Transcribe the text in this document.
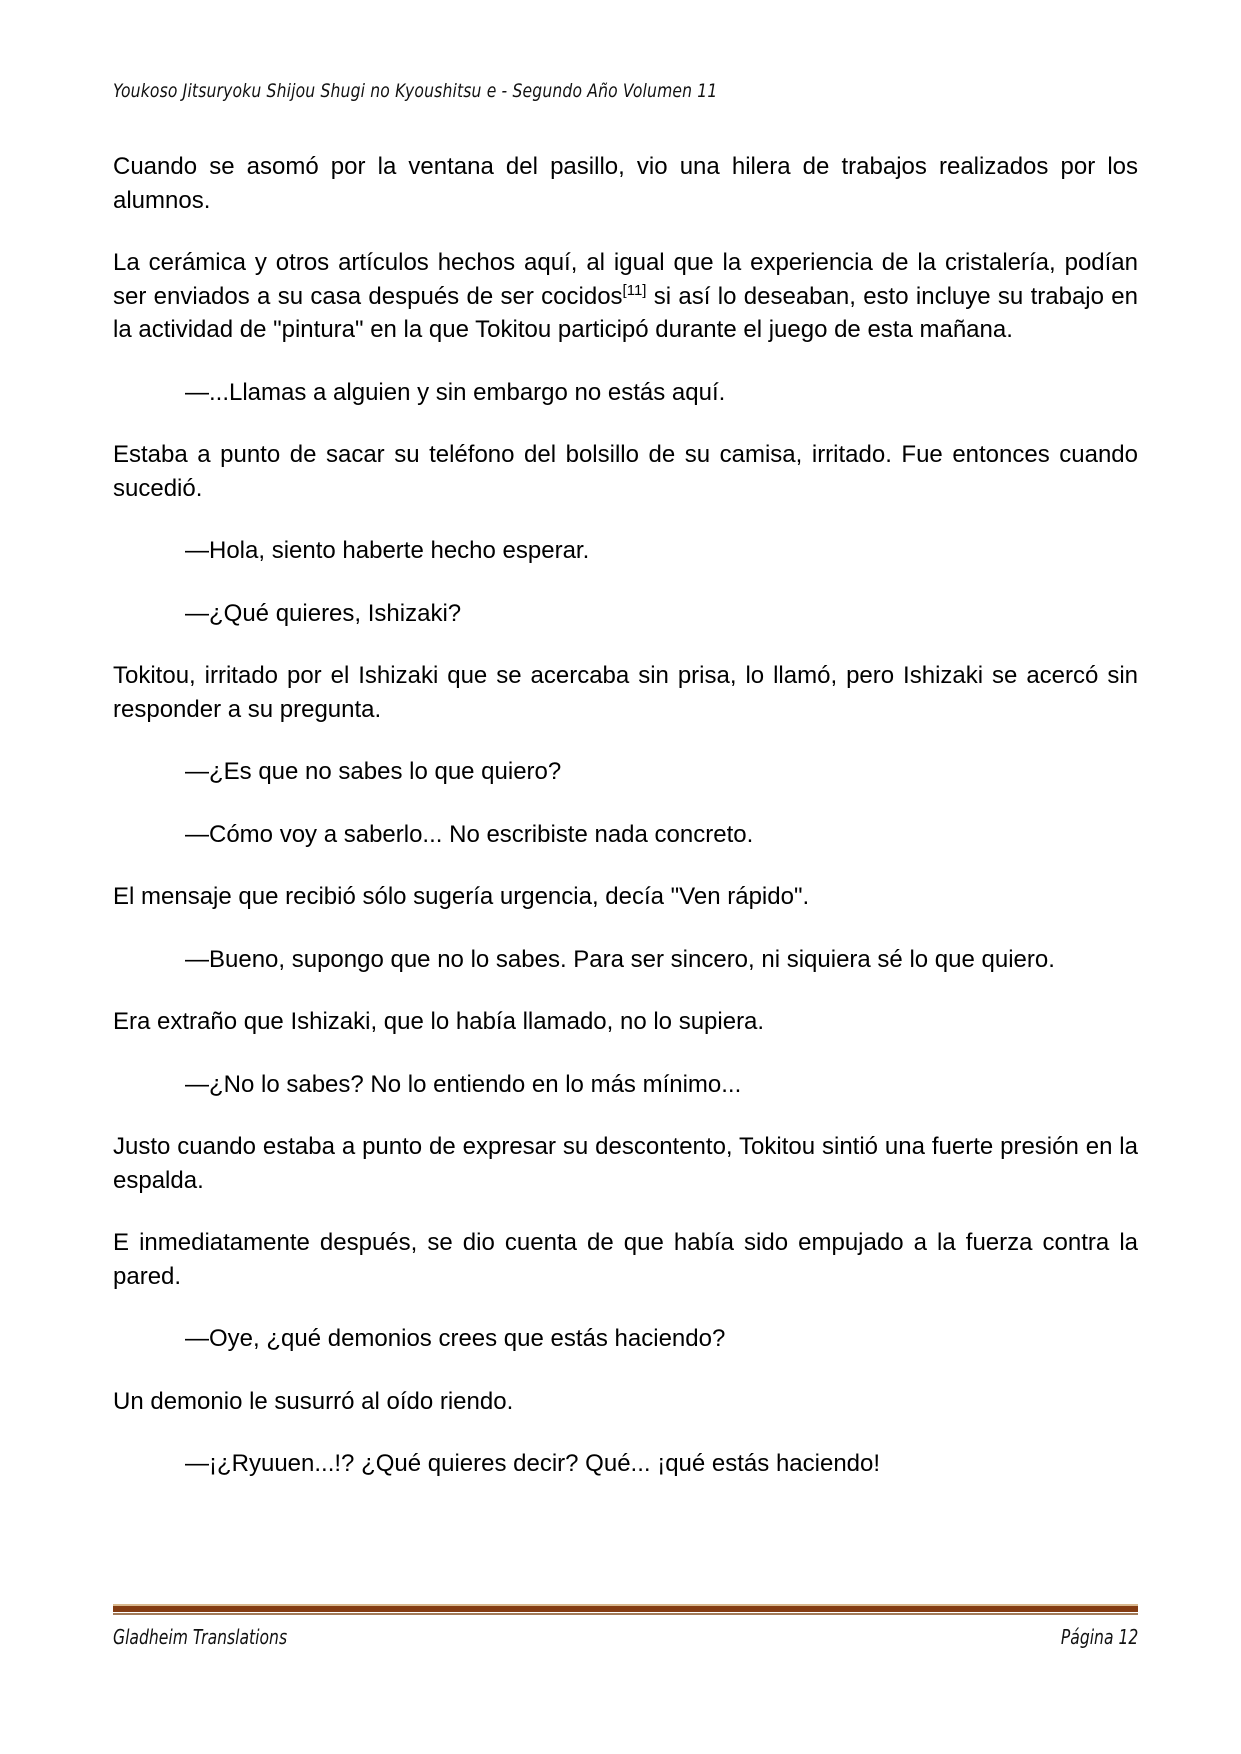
Youkoso Jitsuryoku Shijou Shugi no Kyoushitsu e - Segundo Año Volumen 11

Cuando se asomó por la ventana del pasillo, vio una hilera de trabajos realizados por los alumnos.

La cerámica y otros artículos hechos aquí, al igual que la experiencia de la cristalería, podían ser enviados a su casa después de ser cocidos[11] si así lo deseaban, esto incluye su trabajo en la actividad de "pintura" en la que Tokitou participó durante el juego de esta mañana.

—...Llamas a alguien y sin embargo no estás aquí.

Estaba a punto de sacar su teléfono del bolsillo de su camisa, irritado. Fue entonces cuando sucedió.

—Hola, siento haberte hecho esperar.

—¿Qué quieres, Ishizaki?

Tokitou, irritado por el Ishizaki que se acercaba sin prisa, lo llamó, pero Ishizaki se acercó sin responder a su pregunta.

—¿Es que no sabes lo que quiero?

—Cómo voy a saberlo... No escribiste nada concreto.

El mensaje que recibió sólo sugería urgencia, decía "Ven rápido".

—Bueno, supongo que no lo sabes. Para ser sincero, ni siquiera sé lo que quiero.

Era extraño que Ishizaki, que lo había llamado, no lo supiera.

—¿No lo sabes? No lo entiendo en lo más mínimo...

Justo cuando estaba a punto de expresar su descontento, Tokitou sintió una fuerte presión en la espalda.

E inmediatamente después, se dio cuenta de que había sido empujado a la fuerza contra la pared.

—Oye, ¿qué demonios crees que estás haciendo?

Un demonio le susurró al oído riendo.

—¡¿Ryuuen...!? ¿Qué quieres decir? Qué... ¡qué estás haciendo!

Gladheim Translations	Página 12
